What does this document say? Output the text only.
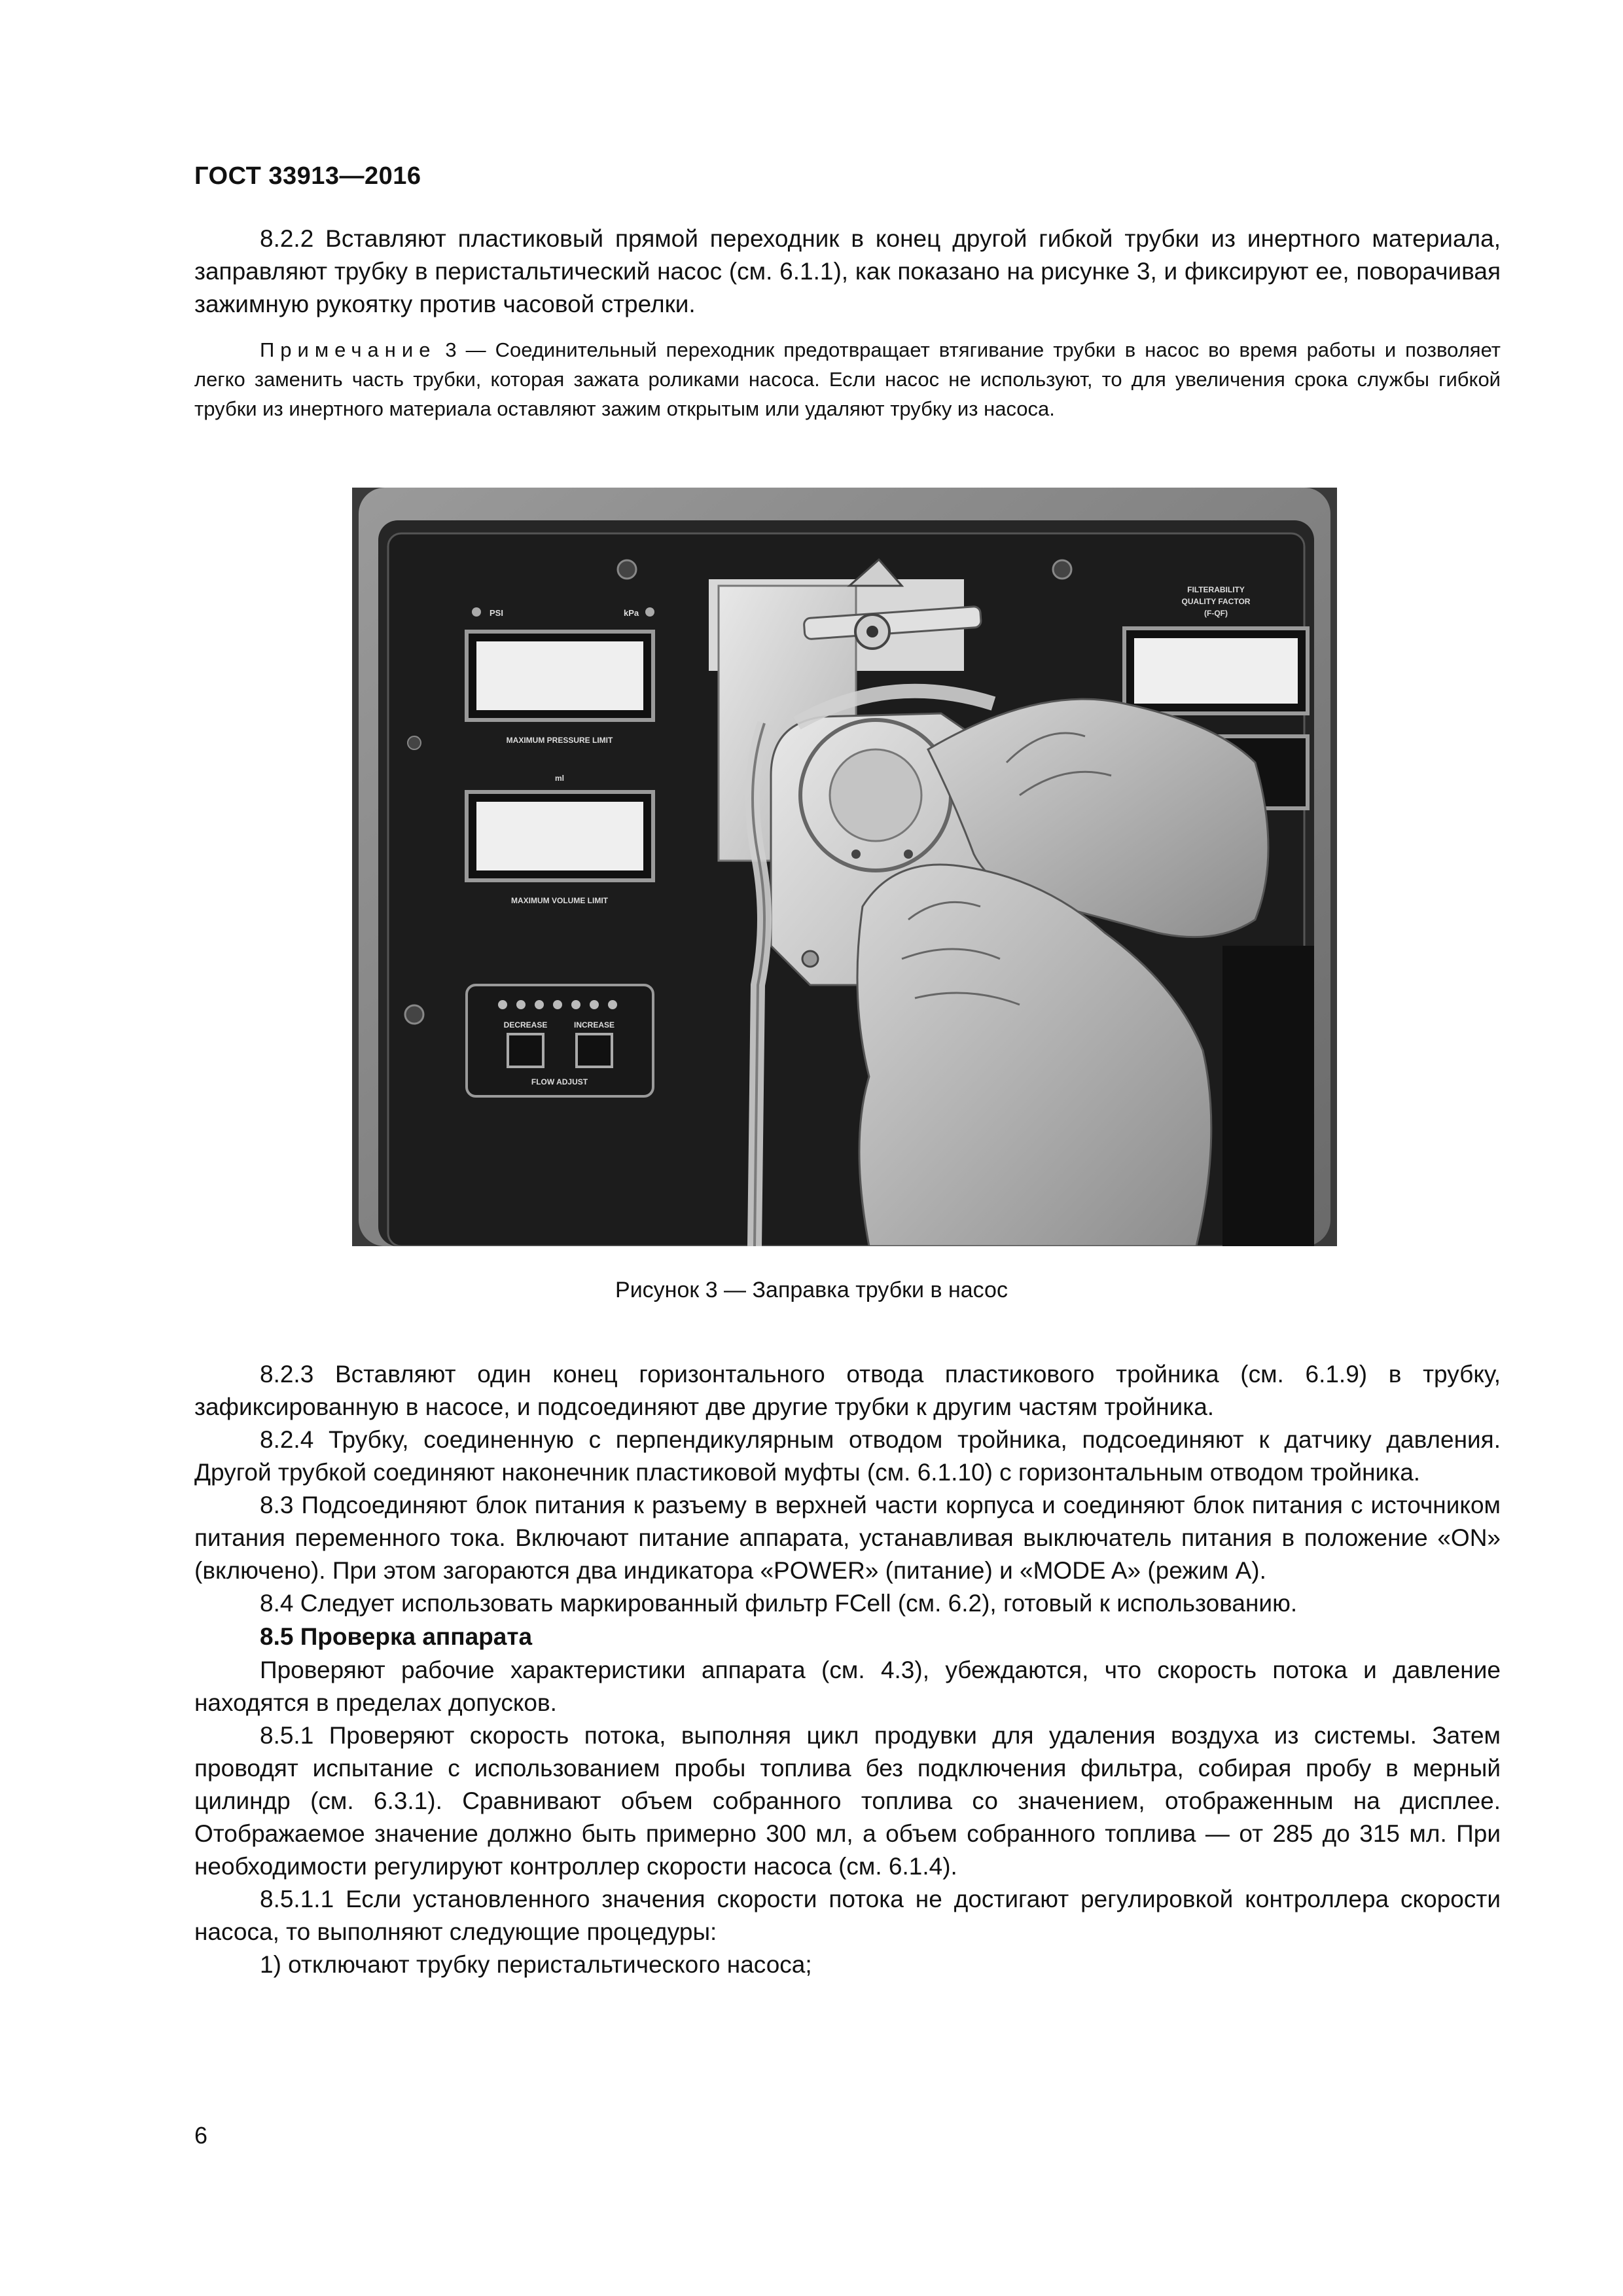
ГОСТ 33913—2016

8.2.2 Вставляют пластиковый прямой переходник в конец другой гибкой трубки из инертного материала, заправляют трубку в перистальтический насос (см. 6.1.1), как показано на рисунке 3, и фиксируют ее, поворачивая зажимную рукоятку против часовой стрелки.

Примечание 3 — Соединительный переходник предотвращает втягивание трубки в насос во время работы и позволяет легко заменить часть трубки, которая зажата роликами насоса. Если насос не используют, то для увеличения срока службы гибкой трубки из инертного материала оставляют зажим открытым или удаляют трубку из насоса.

PSI	kPa
MAXIMUM PRESSURE LIMIT
ml
MAXIMUM VOLUME LIMIT
DECREASE	INCREASE
FLOW ADJUST
FILTERABILITY
QUALITY FACTOR
(F-QF)
Рисунок 3 — Заправка трубки в насос

8.2.3 Вставляют один конец горизонтального отвода пластикового тройника (см. 6.1.9) в трубку, зафиксированную в насосе, и подсоединяют две другие трубки к другим частям тройника.

8.2.4 Трубку, соединенную с перпендикулярным отводом тройника, подсоединяют к датчику давления. Другой трубкой соединяют наконечник пластиковой муфты (см. 6.1.10) с горизонтальным отводом тройника.

8.3 Подсоединяют блок питания к разъему в верхней части корпуса и соединяют блок питания с источником питания переменного тока. Включают питание аппарата, устанавливая выключатель питания в положение «ON» (включено). При этом загораются два индикатора «POWER» (питание) и «MODE A» (режим А).

8.4 Следует использовать маркированный фильтр FCell (см. 6.2), готовый к использованию.

8.5 Проверка аппарата

Проверяют рабочие характеристики аппарата (см. 4.3), убеждаются, что скорость потока и давление находятся в пределах допусков.

8.5.1 Проверяют скорость потока, выполняя цикл продувки для удаления воздуха из системы. Затем проводят испытание с использованием пробы топлива без подключения фильтра, собирая пробу в мерный цилиндр (см. 6.3.1). Сравнивают объем собранного топлива со значением, отображенным на дисплее. Отображаемое значение должно быть примерно 300 мл, а объем собранного топлива — от 285 до 315 мл. При необходимости регулируют контроллер скорости насоса (см. 6.1.4).

8.5.1.1 Если установленного значения скорости потока не достигают регулировкой контроллера скорости насоса, то выполняют следующие процедуры:

1) отключают трубку перистальтического насоса;

6
